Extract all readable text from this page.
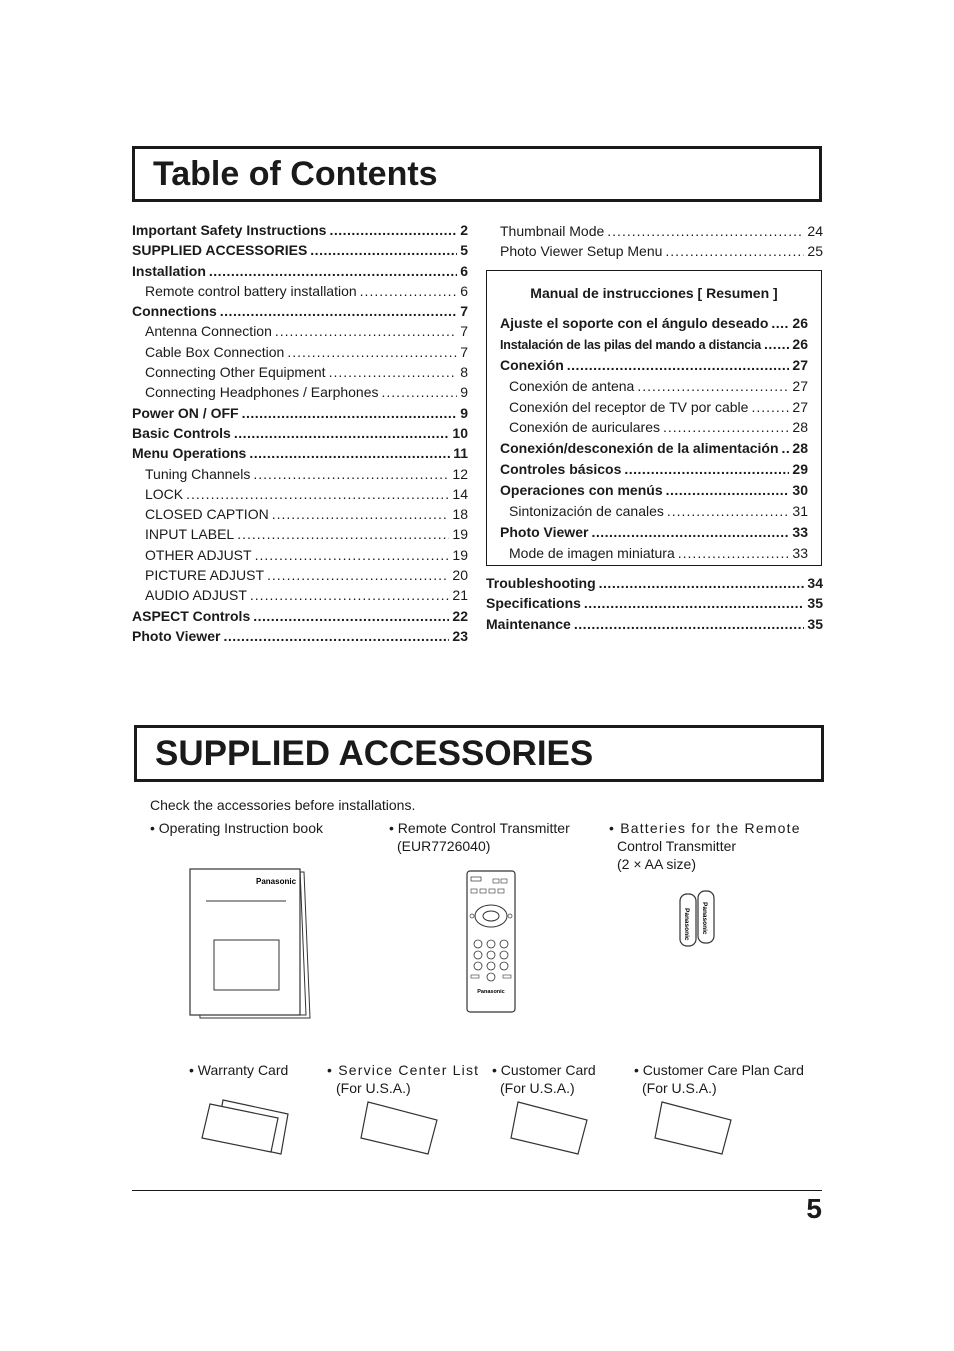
Table of Contents
Important Safety Instructions .....	2
SUPPLIED ACCESSORIES .....	5
Installation .....	6
Remote control battery installation .....	6
Connections .....	7
Antenna Connection .....	7
Cable Box Connection .....	7
Connecting Other Equipment .....	8
Connecting Headphones / Earphones .....	9
Power ON / OFF .....	9
Basic Controls .....	10
Menu Operations .....	11
Tuning Channels .....	12
LOCK .....	14
CLOSED CAPTION .....	18
INPUT LABEL .....	19
OTHER ADJUST .....	19
PICTURE ADJUST .....	20
AUDIO ADJUST .....	21
ASPECT Controls .....	22
Photo Viewer .....	23
Thumbnail Mode .....	24
Photo Viewer Setup Menu .....	25
Manual de instrucciones [ Resumen ]
Ajuste el soporte con el ángulo deseado ..... 26
Instalación de las pilas del mando a distancia ..... 26
Conexión .....	27
Conexión de antena .....	27
Conexión del receptor de TV por cable .....	27
Conexión de auriculares .....	28
Conexión/desconexión de la alimentación ..... 28
Controles básicos .....	29
Operaciones con menús .....	30
Sintonización de canales .....	31
Photo Viewer .....	33
Mode de imagen miniatura .....	33
Troubleshooting .....	34
Specifications .....	35
Maintenance .....	35
SUPPLIED ACCESSORIES
Check the accessories before installations.
• Operating Instruction book	• Remote Control Transmitter
(EUR7726040)
• Batteries for the Remote
Control Transmitter
(2 × AA size)
Panasonic
Panasonic
Panasonic Panasonic
• Warranty Card	• Service Center List
(For U.S.A.)
• Customer Card
(For U.S.A.)
• Customer Care Plan Card
(For U.S.A.)
5
